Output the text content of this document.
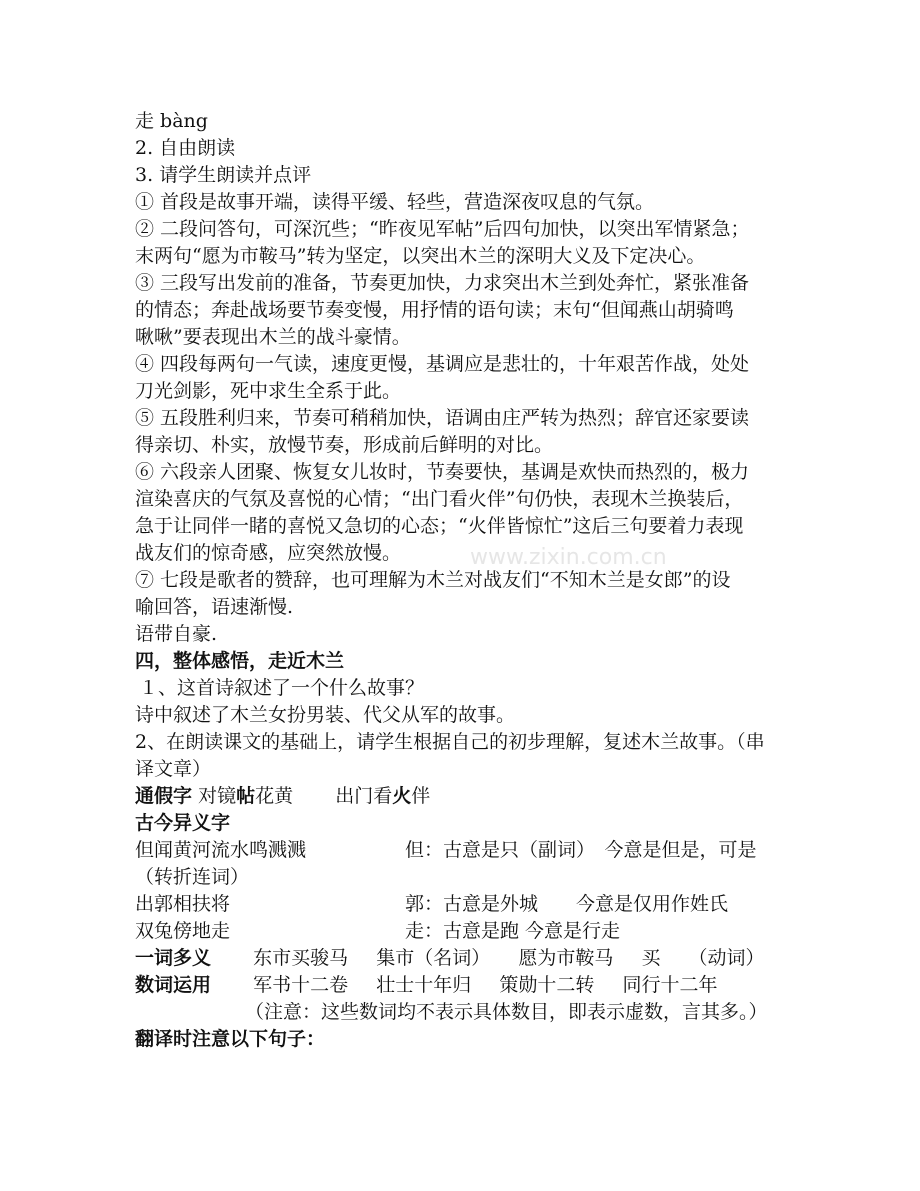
www.zixin.com.cn
走 bàng
2. 自由朗读
3. 请学生朗读并点评
① 首段是故事开端，读得平缓、轻些，营造深夜叹息的气氛。
② 二段问答句，可深沉些；“昨夜见军帖”后四句加快，以突出军情紧急；
末两句“愿为市鞍马”转为坚定，以突出木兰的深明大义及下定决心。
③ 三段写出发前的准备，节奏更加快，力求突出木兰到处奔忙，紧张准备
的情态；奔赴战场要节奏变慢，用抒情的语句读；末句“但闻燕山胡骑鸣
啾啾”要表现出木兰的战斗豪情。
④ 四段每两句一气读，速度更慢，基调应是悲壮的，十年艰苦作战，处处
刀光剑影，死中求生全系于此。
⑤ 五段胜利归来，节奏可稍稍加快，语调由庄严转为热烈；辞官还家要读
得亲切、朴实，放慢节奏，形成前后鲜明的对比。
⑥ 六段亲人团聚、恢复女儿妆时，节奏要快，基调是欢快而热烈的，极力
渲染喜庆的气氛及喜悦的心情；“出门看火伴”句仍快，表现木兰换装后，
急于让同伴一睹的喜悦又急切的心态；“火伴皆惊忙”这后三句要着力表现
战友们的惊奇感，应突然放慢。
⑦ 七段是歌者的赞辞，也可理解为木兰对战友们“不知木兰是女郎”的设
喻回答，语速渐慢.
语带自豪.
四，整体感悟，走近木兰
１、这首诗叙述了一个什么故事？
诗中叙述了木兰女扮男装、代父从军的故事。
2、在朗读课文的基础上，请学生根据自己的初步理解，复述木兰故事。（串
译文章）
通假字 对镜帖花黄 出门看火伴
古今异义字
但闻黄河流水鸣溅溅	但：古意是只（副词）　今意是但是，可是
（转折连词）
出郭相扶将	郭：古意是外城　　今意是仅用作姓氏
双兔傍地走	走：古意是跑 今意是行走
一词多义 东市买骏马 集市（名词） 愿为市鞍马 买 （动词）
数词运用 军书十二卷 壮士十年归 策勋十二转 同行十二年
（注意：这些数词均不表示具体数目，即表示虚数，言其多。）
翻译时注意以下句子：
